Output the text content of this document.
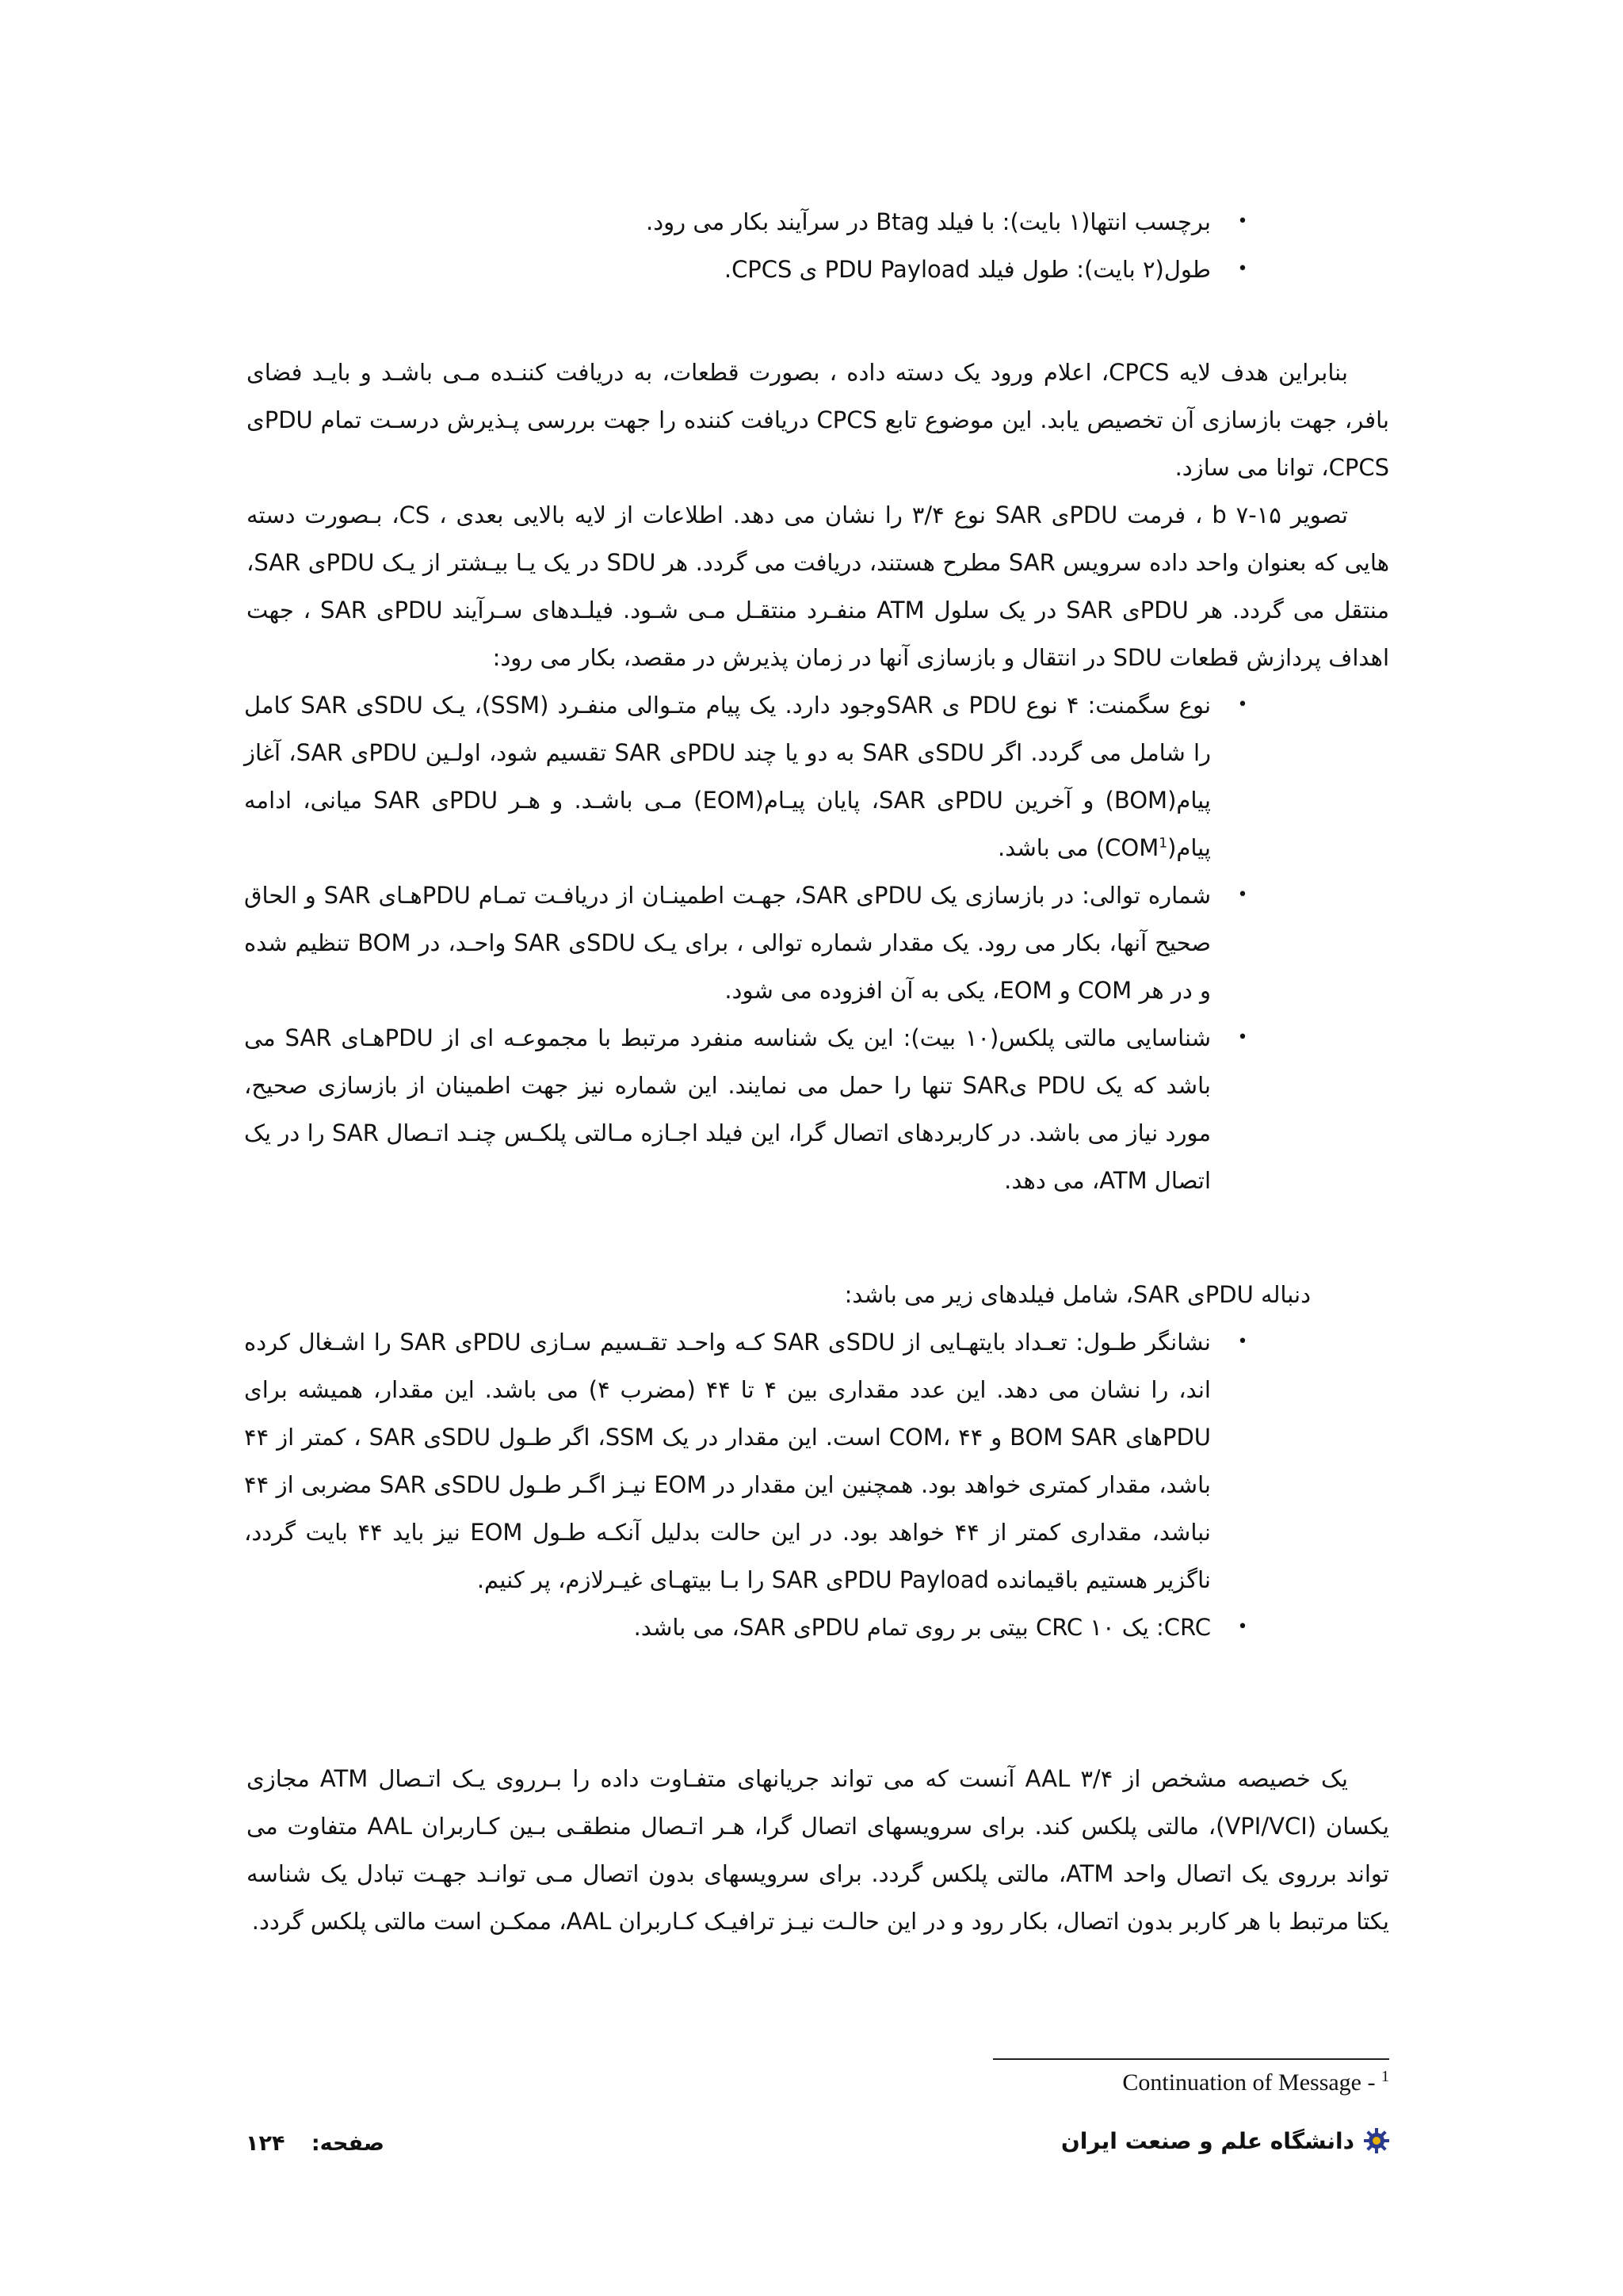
•
برچسب انتها(۱ بایت): با فیلد Btag در سرآیند بکار می رود.
•
طول(۲ بایت): طول فیلد PDU Payload ی CPCS.

بنابراین هدف لایه CPCS، اعلام ورود یک دسته داده ، بصورت قطعات، به دریافت کننـده مـی باشـد و بایـد فضای بافر، جهت بازسازی آن تخصیص یابد. این موضوع تابع CPCS دریافت کننده را جهت بررسی پـذیرش درسـت تمام PDUی CPCS، توانا می سازد.

تصویر b ۷-۱۵ ، فرمت PDUی SAR نوع ۳/۴ را نشان می دهد. اطلاعات از لایه بالایی بعدی ، CS، بـصورت دسته هایی که بعنوان واحد داده سرویس SAR مطرح هستند، دریافت می گردد. هر SDU در یک یـا بیـشتر از یـک PDUی SAR، منتقل می گردد. هر PDUی SAR در یک سلول ATM منفـرد منتقـل مـی شـود. فیلـدهای سـرآیند PDUی SAR ، جهت اهداف پردازش قطعات SDU در انتقال و بازسازی آنها در زمان پذیرش در مقصد، بکار می رود:

•
نوع سگمنت: ۴ نوع PDU ی SARوجود دارد. یک پیام متـوالی منفـرد (SSM)، یـک SDUی SAR کامل را شامل می گردد. اگر SDUی SAR به دو یا چند PDUی SAR تقسیم شود، اولـین PDUی SAR، آغاز پیام(BOM) و آخرین PDUی SAR، پایان پیـام(EOM) مـی باشـد. و هـر PDUی SAR میانی، ادامه پیام(COM$^1$) می باشد.
•
شماره توالی: در بازسازی یک PDUی SAR، جهـت اطمینـان از دریافـت تمـام PDUهـای SAR و الحاق صحیح آنها، بکار می رود. یک مقدار شماره توالی ، برای یـک SDUی SAR واحـد، در BOM تنظیم شده و در هر COM و EOM، یکی به آن افزوده می شود.
•
شناسایی مالتی پلکس(۱۰ بیت): این یک شناسه منفرد مرتبط با مجموعـه ای از PDUهـای SAR می باشد که یک PDU یSAR تنها را حمل می نمایند. این شماره نیز جهت اطمینان از بازسازی صحیح، مورد نیاز می باشد. در کاربردهای اتصال گرا، این فیلد اجـازه مـالتی پلکـس چنـد اتـصال SAR را در یک اتصال ATM، می دهد.

دنباله PDUی SAR، شامل فیلدهای زیر می باشد:

•
نشانگر طـول: تعـداد بایتهـایی از SDUی SAR کـه واحـد تقـسیم سـازی PDUی SAR را اشـغال کرده اند، را نشان می دهد. این عدد مقداری بین ۴ تا ۴۴ (مضرب ۴) می باشد. این مقدار، همیشه برای PDUهای BOM SAR و COM، ۴۴ است. این مقدار در یک SSM، اگر طـول SDUی SAR ، کمتر از ۴۴ باشد، مقدار کمتری خواهد بود. همچنین این مقدار در EOM نیـز اگـر طـول SDUی SAR مضربی از ۴۴ نباشد، مقداری کمتر از ۴۴ خواهد بود. در این حالت بدلیل آنکـه طـول EOM نیز باید ۴۴ بایت گردد، ناگزیر هستیم باقیمانده PDU Payloadی SAR را بـا بیتهـای غیـرلازم، پر کنیم.
•
CRC: یک CRC ۱۰ بیتی بر روی تمام PDUی SAR، می باشد.

یک خصیصه مشخص از AAL ۳/۴ آنست که می تواند جریانهای متفـاوت داده را بـرروی یـک اتـصال ATM مجازی یکسان (VPI/VCI)، مالتی پلکس کند. برای سرویسهای اتصال گرا، هـر اتـصال منطقـی بـین کـاربران AAL متفاوت می تواند برروی یک اتصال واحد ATM، مالتی پلکس گردد. برای سرویسهای بدون اتصال مـی توانـد جهـت تبادل یک شناسه یکتا مرتبط با هر کاربر بدون اتصال، بکار رود و در این حالـت نیـز ترافیـک کـاربران AAL، ممکـن است مالتی پلکس گردد.

Continuation of Message - $^1$
صفحه: ۱۲۴	دانشگاه علم و صنعت ایران
